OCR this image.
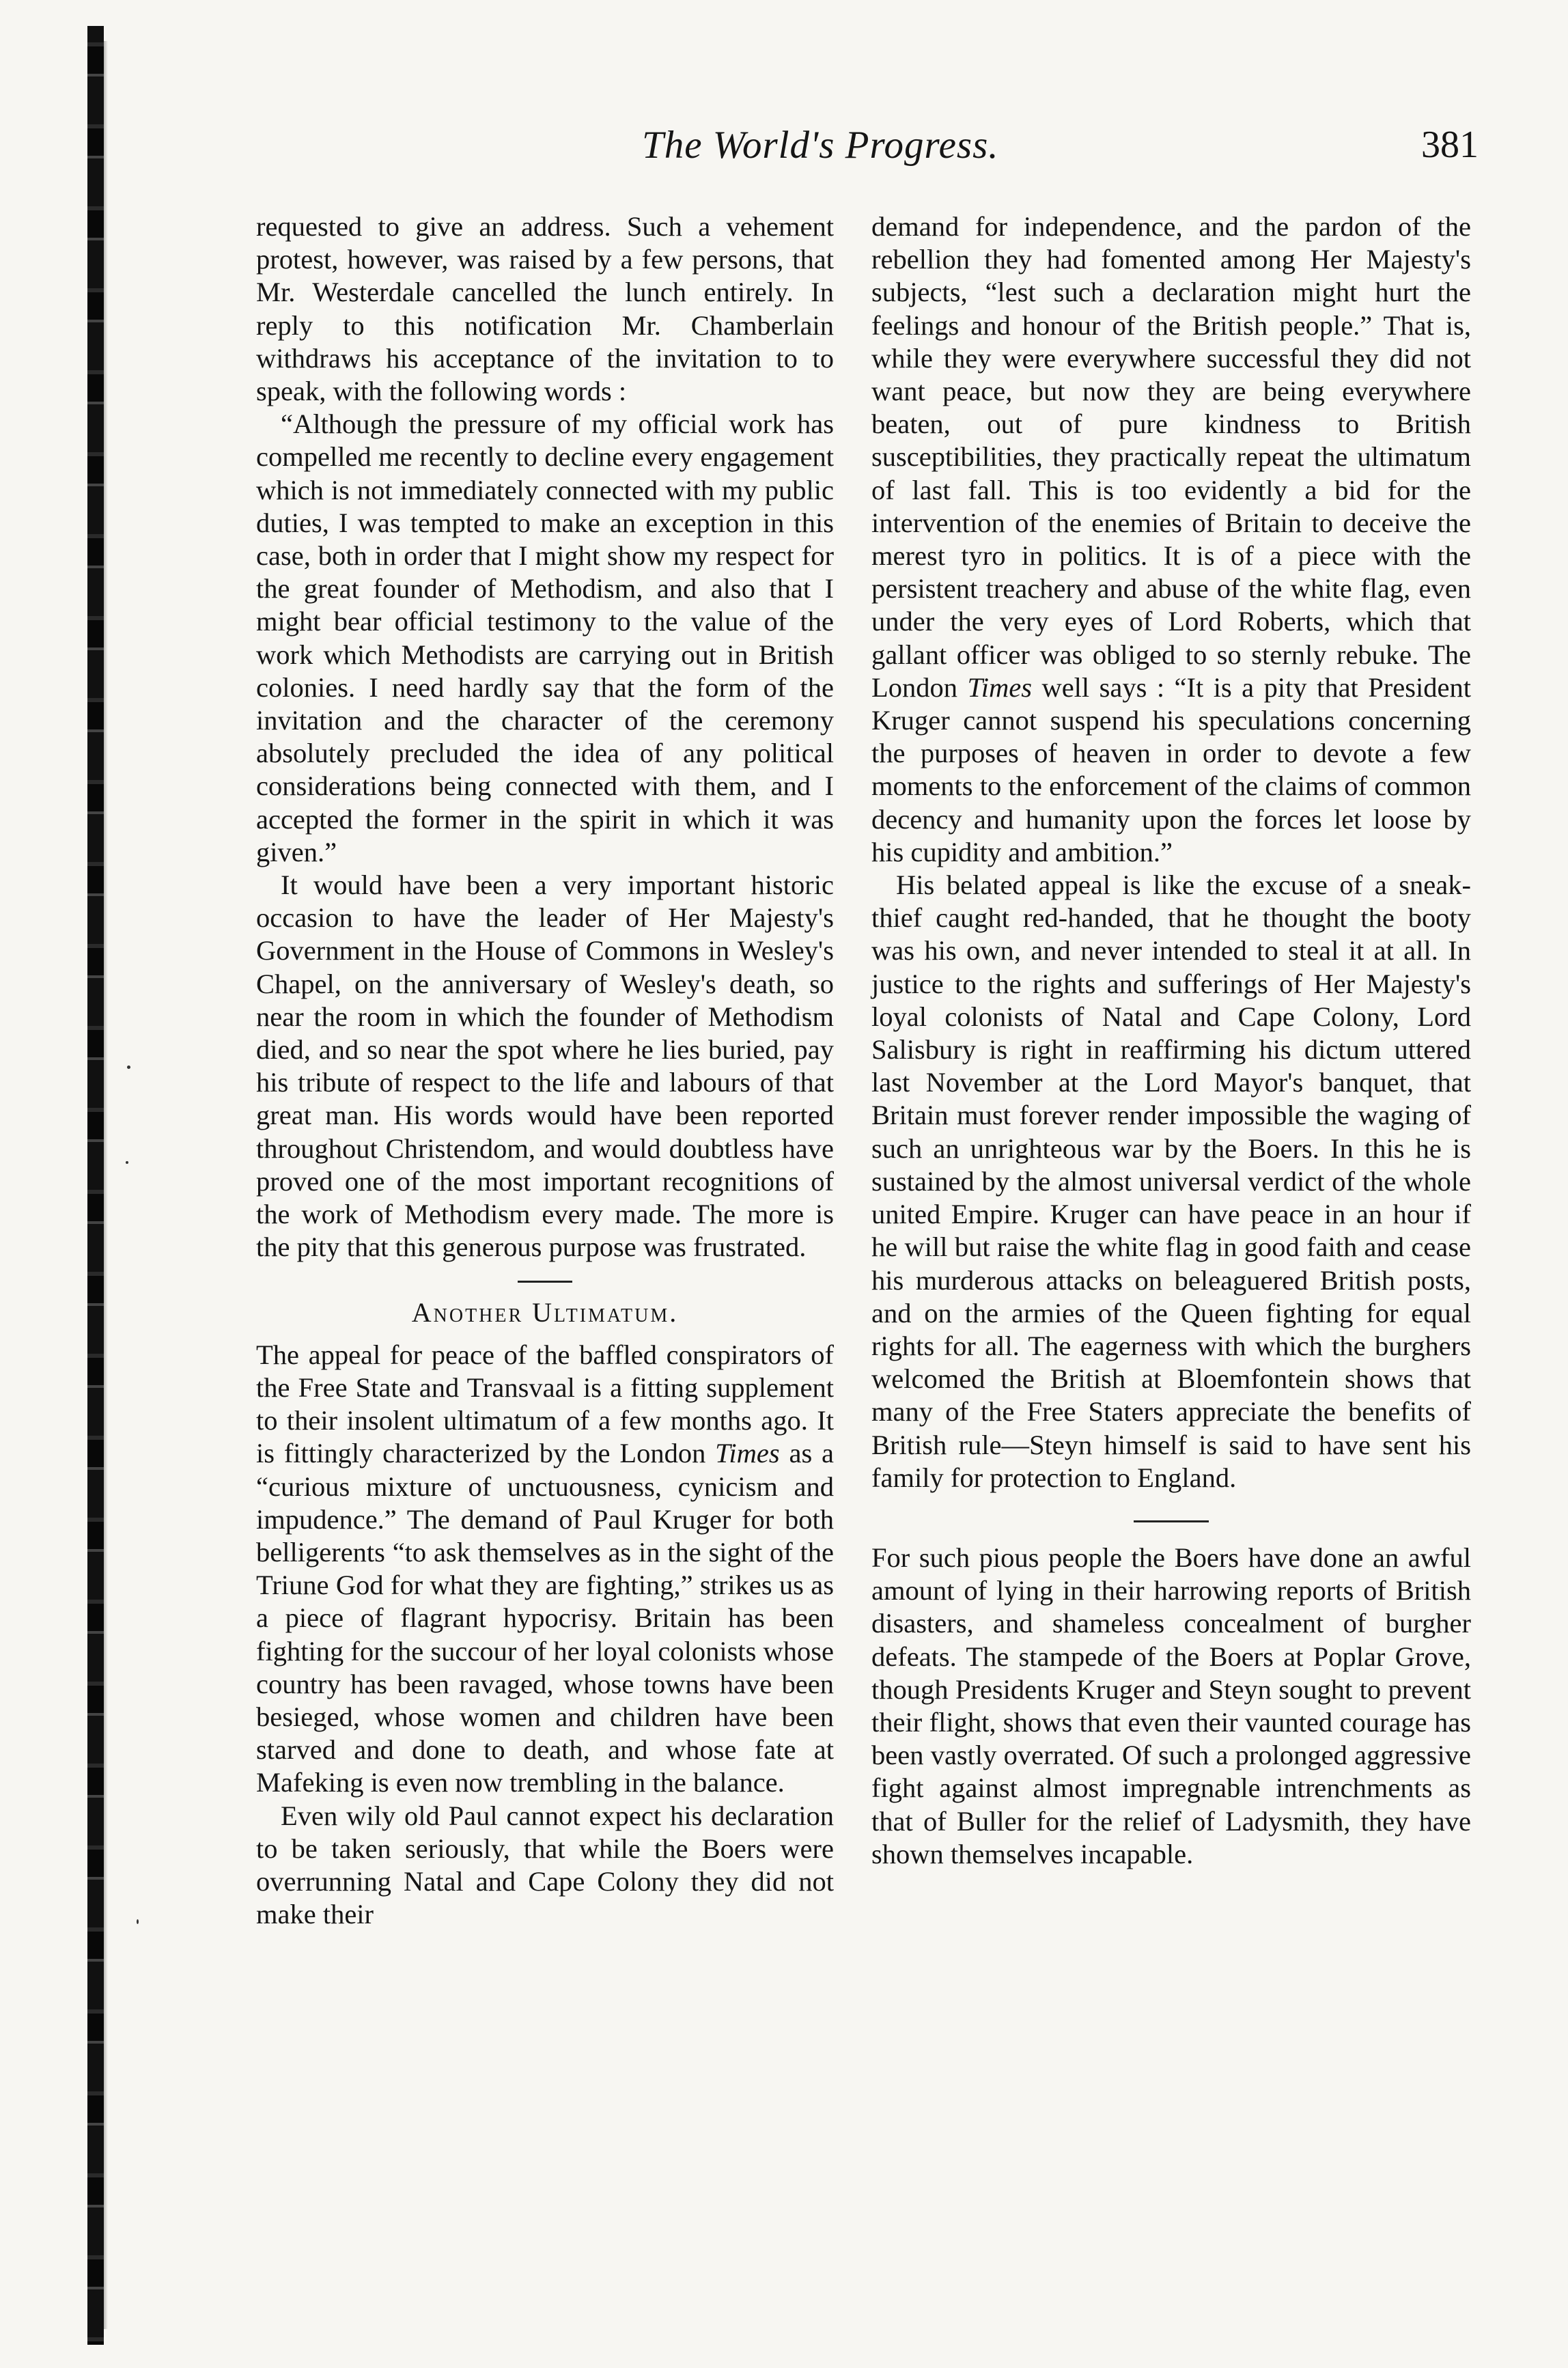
The World's Progress.	381

requested to give an address. Such a vehement protest, however, was raised by a few persons, that Mr. Westerdale cancelled the lunch entirely. In reply to this notification Mr. Chamberlain withdraws his acceptance of the invitation to to speak, with the following words :

“Although the pressure of my official work has compelled me recently to decline every engagement which is not immediately connected with my public duties, I was tempted to make an exception in this case, both in order that I might show my respect for the great founder of Methodism, and also that I might bear official testimony to the value of the work which Methodists are carrying out in British colonies. I need hardly say that the form of the invitation and the character of the ceremony absolutely precluded the idea of any political considerations being connected with them, and I accepted the former in the spirit in which it was given.”

It would have been a very important historic occasion to have the leader of Her Majesty's Government in the House of Commons in Wesley's Chapel, on the anniversary of Wesley's death, so near the room in which the founder of Methodism died, and so near the spot where he lies buried, pay his tribute of respect to the life and labours of that great man. His words would have been reported throughout Christendom, and would doubtless have proved one of the most important recognitions of the work of Methodism every made. The more is the pity that this generous purpose was frustrated.

Another Ultimatum.

The appeal for peace of the baffled conspirators of the Free State and Transvaal is a fitting supplement to their insolent ultimatum of a few months ago. It is fittingly characterized by the London Times as a “curious mixture of unctuousness, cynicism and impudence.” The demand of Paul Kruger for both belligerents “to ask themselves as in the sight of the Triune God for what they are fighting,” strikes us as a piece of flagrant hypocrisy. Britain has been fighting for the succour of her loyal colonists whose country has been ravaged, whose towns have been besieged, whose women and children have been starved and done to death, and whose fate at Mafeking is even now trembling in the balance.

Even wily old Paul cannot expect his declaration to be taken seriously, that while the Boers were overrunning Natal and Cape Colony they did not make their

demand for independence, and the pardon of the rebellion they had fomented among Her Majesty's subjects, “lest such a declaration might hurt the feelings and honour of the British people.” That is, while they were everywhere successful they did not want peace, but now they are being everywhere beaten, out of pure kindness to British susceptibilities, they practically repeat the ultimatum of last fall. This is too evidently a bid for the intervention of the enemies of Britain to deceive the merest tyro in politics. It is of a piece with the persistent treachery and abuse of the white flag, even under the very eyes of Lord Roberts, which that gallant officer was obliged to so sternly rebuke. The London Times well says : “It is a pity that President Kruger cannot suspend his speculations concerning the purposes of heaven in order to devote a few moments to the enforcement of the claims of common decency and humanity upon the forces let loose by his cupidity and ambition.”

His belated appeal is like the excuse of a sneak-thief caught red-handed, that he thought the booty was his own, and never intended to steal it at all. In justice to the rights and sufferings of Her Majesty's loyal colonists of Natal and Cape Colony, Lord Salisbury is right in reaffirming his dictum uttered last November at the Lord Mayor's banquet, that Britain must forever render impossible the waging of such an unrighteous war by the Boers. In this he is sustained by the almost universal verdict of the whole united Empire. Kruger can have peace in an hour if he will but raise the white flag in good faith and cease his murderous attacks on beleaguered British posts, and on the armies of the Queen fighting for equal rights for all. The eagerness with which the burghers welcomed the British at Bloemfontein shows that many of the Free Staters appreciate the benefits of British rule—Steyn himself is said to have sent his family for protection to England.

For such pious people the Boers have done an awful amount of lying in their harrowing reports of British disasters, and shameless concealment of burgher defeats. The stampede of the Boers at Poplar Grove, though Presidents Kruger and Steyn sought to prevent their flight, shows that even their vaunted courage has been vastly overrated. Of such a prolonged aggressive fight against almost impregnable intrenchments as that of Buller for the relief of Ladysmith, they have shown themselves incapable.
